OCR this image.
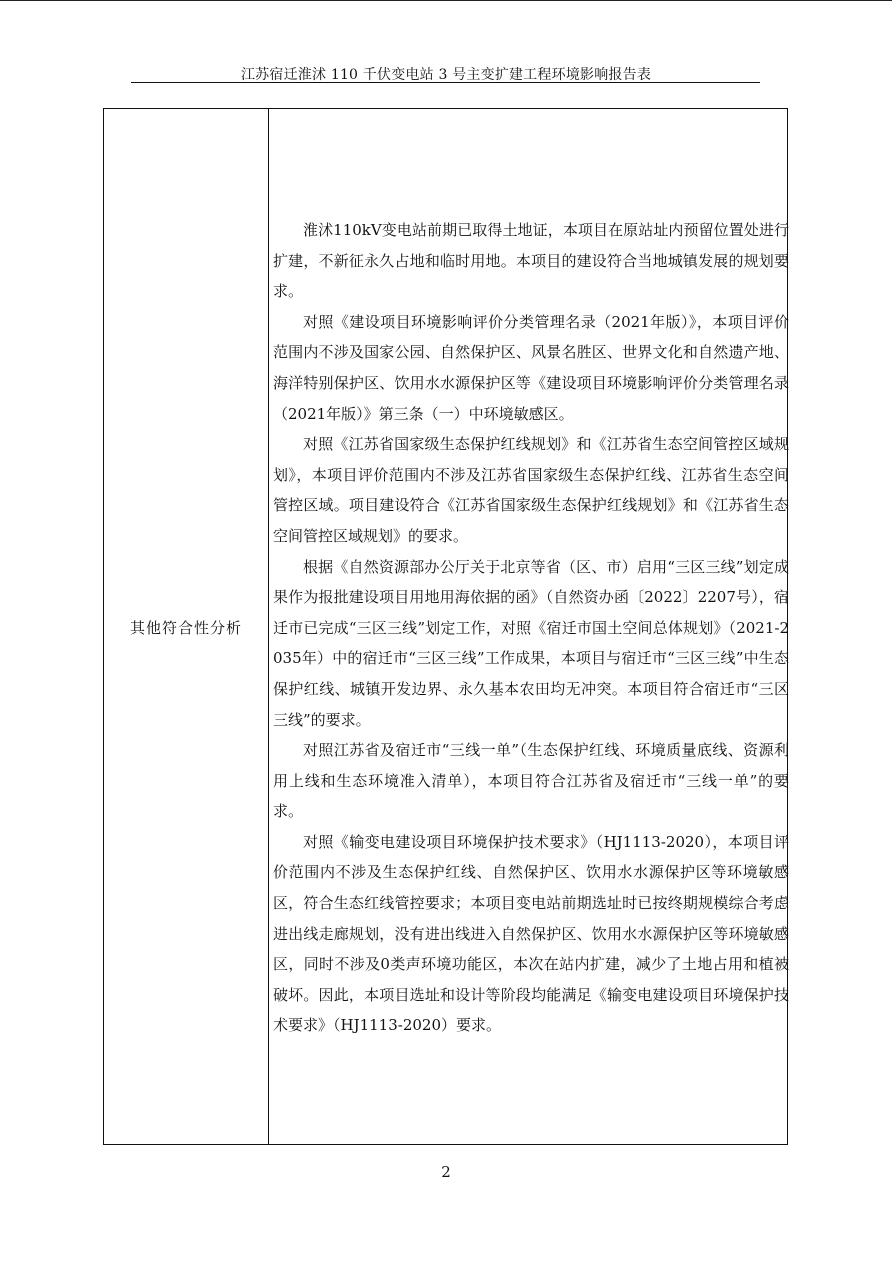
江苏宿迁淮沭 110 千伏变电站 3 号主变扩建工程环境影响报告表
其他符合性分析

淮沭110kV变电站前期已取得土地证，本项目在原站址内预留位置处进行扩建，不新征永久占地和临时用地。本项目的建设符合当地城镇发展的规划要求。

对照《建设项目环境影响评价分类管理名录（2021年版）》，本项目评价范围内不涉及国家公园、自然保护区、风景名胜区、世界文化和自然遗产地、海洋特别保护区、饮用水水源保护区等《建设项目环境影响评价分类管理名录（2021年版）》第三条（一）中环境敏感区。

对照《江苏省国家级生态保护红线规划》和《江苏省生态空间管控区域规划》，本项目评价范围内不涉及江苏省国家级生态保护红线、江苏省生态空间管控区域。项目建设符合《江苏省国家级生态保护红线规划》和《江苏省生态空间管控区域规划》的要求。

根据《自然资源部办公厅关于北京等省（区、市）启用“三区三线”划定成果作为报批建设项目用地用海依据的函》（自然资办函〔2022〕2207号），宿迁市已完成“三区三线”划定工作，对照《宿迁市国土空间总体规划》（2021-2035年）中的宿迁市“三区三线”工作成果，本项目与宿迁市“三区三线”中生态保护红线、城镇开发边界、永久基本农田均无冲突。本项目符合宿迁市“三区三线”的要求。

对照江苏省及宿迁市“三线一单”（生态保护红线、环境质量底线、资源利用上线和生态环境准入清单），本项目符合江苏省及宿迁市“三线一单”的要求。

对照《输变电建设项目环境保护技术要求》（HJ1113-2020），本项目评价范围内不涉及生态保护红线、自然保护区、饮用水水源保护区等环境敏感区，符合生态红线管控要求；本项目变电站前期选址时已按终期规模综合考虑进出线走廊规划，没有进出线进入自然保护区、饮用水水源保护区等环境敏感区，同时不涉及0类声环境功能区，本次在站内扩建，减少了土地占用和植被破坏。因此，本项目选址和设计等阶段均能满足《输变电建设项目环境保护技术要求》（HJ1113-2020）要求。

2
